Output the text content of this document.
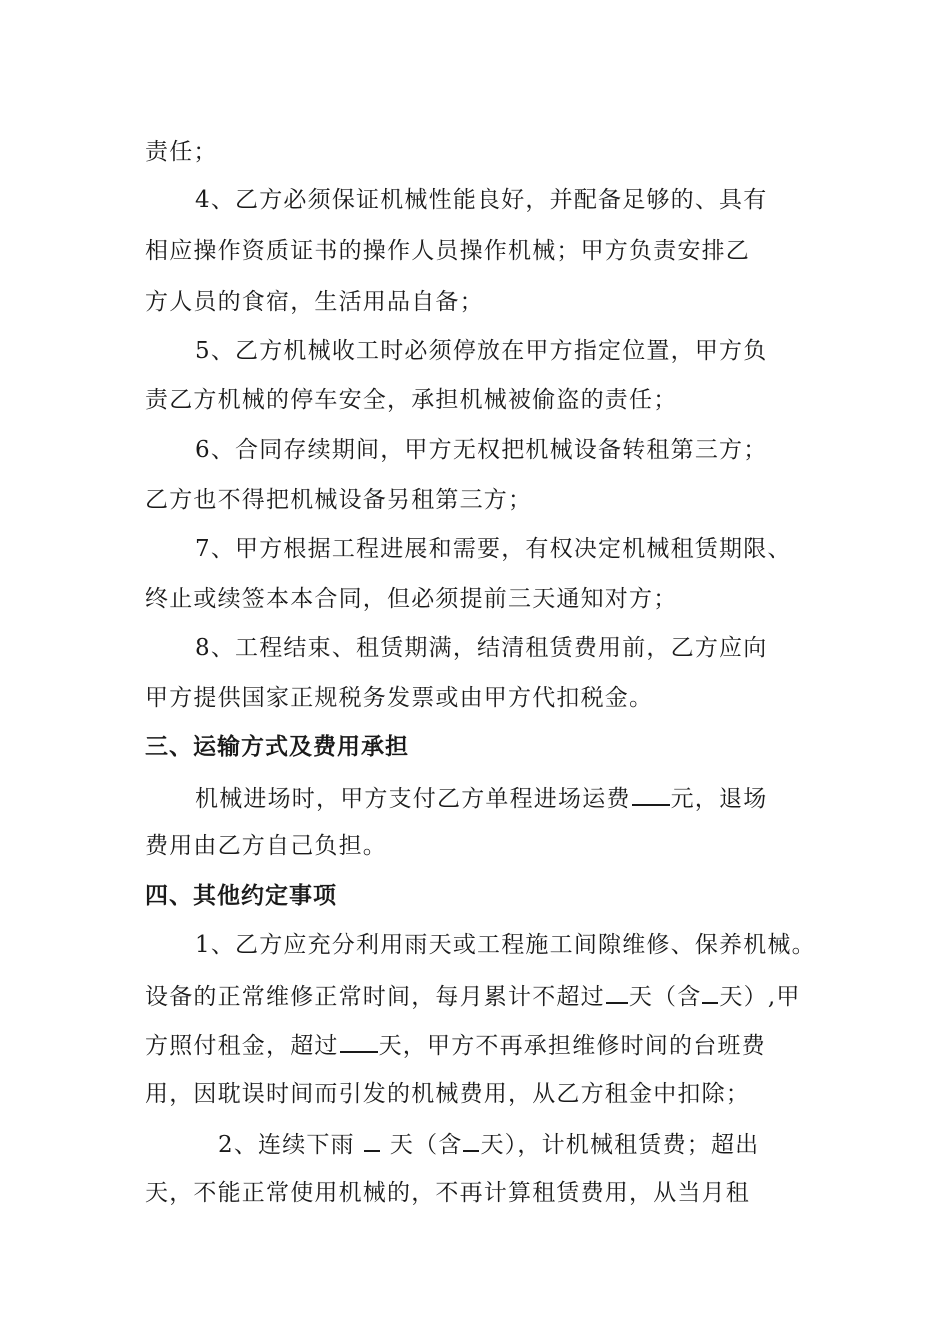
责任；
4、乙方必须保证机械性能良好，并配备足够的、具有
相应操作资质证书的操作人员操作机械；甲方负责安排乙
方人员的食宿，生活用品自备；
5、乙方机械收工时必须停放在甲方指定位置，甲方负
责乙方机械的停车安全，承担机械被偷盗的责任；
6、合同存续期间，甲方无权把机械设备转租第三方；
乙方也不得把机械设备另租第三方；
7、甲方根据工程进展和需要，有权决定机械租赁期限、
终止或续签本本合同，但必须提前三天通知对方；
8、工程结束、租赁期满，结清租赁费用前，乙方应向
甲方提供国家正规税务发票或由甲方代扣税金。
三、运输方式及费用承担
机械进场时，甲方支付乙方单程进场运费 元，退场
费用由乙方自己负担。
四、其他约定事项
1、乙方应充分利用雨天或工程施工间隙维修、保养机械。
设备的正常维修正常时间，每月累计不超过 天（含 天）,甲
方照付租金，超过 天，甲方不再承担维修时间的台班费
用，因耽误时间而引发的机械费用，从乙方租金中扣除；
2、连续下雨  天（含 天），计机械租赁费；超出
天，不能正常使用机械的，不再计算租赁费用，从当月租
